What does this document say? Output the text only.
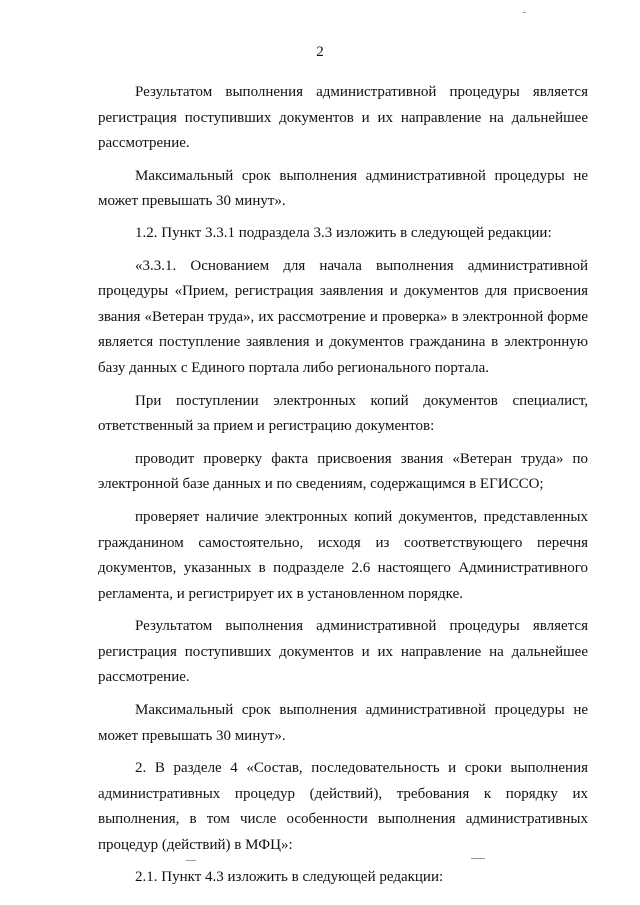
2

Результатом выполнения административной процедуры является регистрация поступивших документов и их направление на дальнейшее рассмотрение.

Максимальный срок выполнения административной процедуры не может превышать 30 минут».

1.2. Пункт 3.3.1 подраздела 3.3 изложить в следующей редакции:

«3.3.1. Основанием для начала выполнения административной процедуры «Прием, регистрация заявления и документов для присвоения звания «Ветеран труда», их рассмотрение и проверка» в электронной форме является поступление заявления и документов гражданина в электронную базу данных с Единого портала либо регионального портала.

При поступлении электронных копий документов специалист, ответственный за прием и регистрацию документов:

проводит проверку факта присвоения звания «Ветеран труда» по электронной базе данных и по сведениям, содержащимся в ЕГИССО;

проверяет наличие электронных копий документов, представленных гражданином самостоятельно, исходя из соответствующего перечня документов, указанных в подразделе 2.6 настоящего Административного регламента, и регистрирует их в установленном порядке.

Результатом выполнения административной процедуры является регистрация поступивших документов и их направление на дальнейшее рассмотрение.

Максимальный срок выполнения административной процедуры не может превышать 30 минут».

2. В разделе 4 «Состав, последовательность и сроки выполнения административных процедур (действий), требования к порядку их выполнения, в том числе особенности выполнения административных процедур (действий) в МФЦ»:

2.1. Пункт 4.3 изложить в следующей редакции:
